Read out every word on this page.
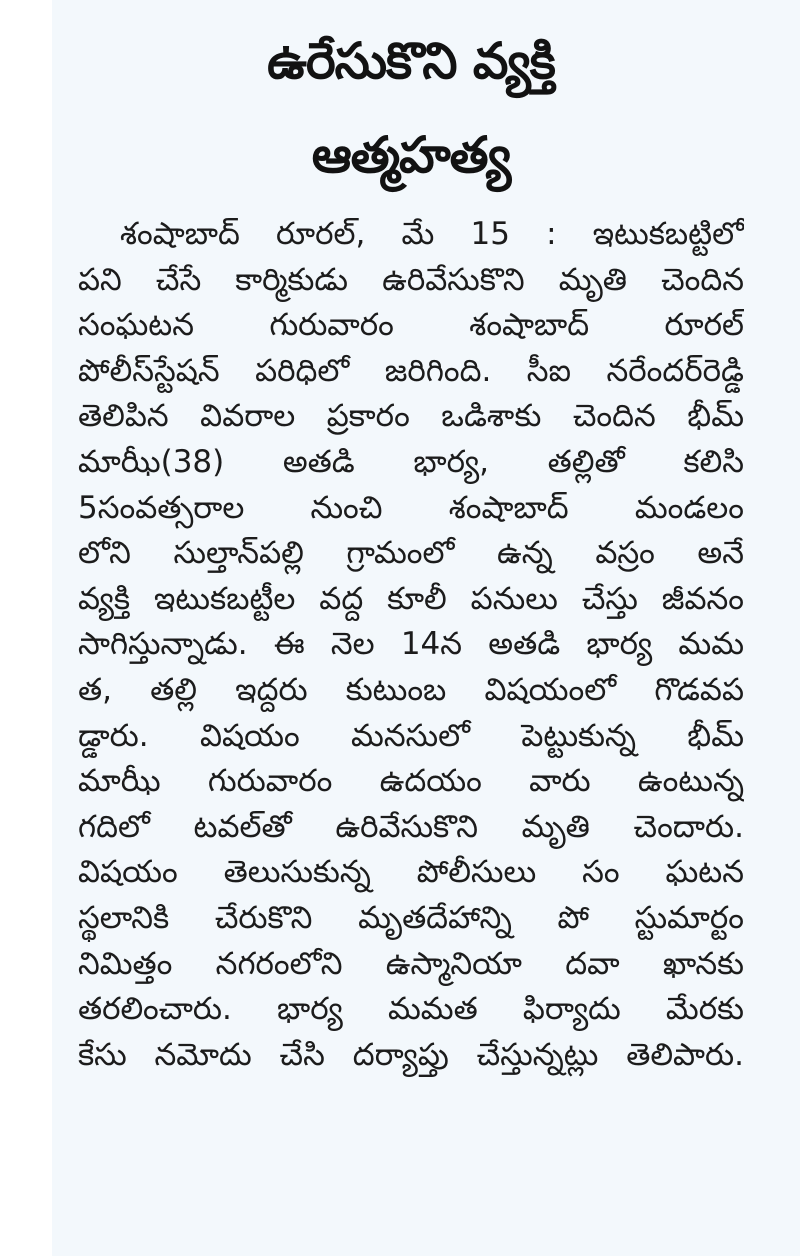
ఉరేసుకొని వ్యక్తి
ఆత్మహత్య
శంషాబాద్ రూరల్, మే 15 : ఇటుకబట్టిలో
పని చేసే కార్మికుడు ఉరివేసుకొని మృతి చెందిన
సంఘటన గురువారం శంషాబాద్ రూరల్
పోలీస్‌స్టేషన్ పరిధిలో జరిగింది. సీఐ నరేందర్‌రెడ్డి
తెలిపిన వివరాల ప్రకారం ఒడిశాకు చెందిన భీమ్
మాఝీ(38) అతడి భార్య, తల్లితో కలిసి
5సంవత్సరాల నుంచి శంషాబాద్ మండలం
లోని సుల్తాన్‌పల్లి గ్రామంలో ఉన్న వస్రం అనే
వ్యక్తి ఇటుకబట్టీల వద్ద కూలీ పనులు చేస్తు జీవనం
సాగిస్తున్నాడు. ఈ నెల 14న అతడి భార్య మమ
త, తల్లి ఇద్దరు కుటుంబ విషయంలో గొడవప
డ్డారు. విషయం మనసులో పెట్టుకున్న భీమ్
మాఝీ గురువారం ఉదయం వారు ఉంటున్న
గదిలో టవల్‌తో ఉరివేసుకొని మృతి చెందారు.
విషయం తెలుసుకున్న పోలీసులు సం ఘటన
స్థలానికి చేరుకొని మృతదేహాన్ని పో స్టుమార్టం
నిమిత్తం నగరంలోని ఉస్మానియా దవా ఖానకు
తరలించారు. భార్య మమత ఫిర్యాదు మేరకు
కేసు నమోదు చేసి దర్యాప్తు చేస్తున్నట్లు తెలిపారు.
